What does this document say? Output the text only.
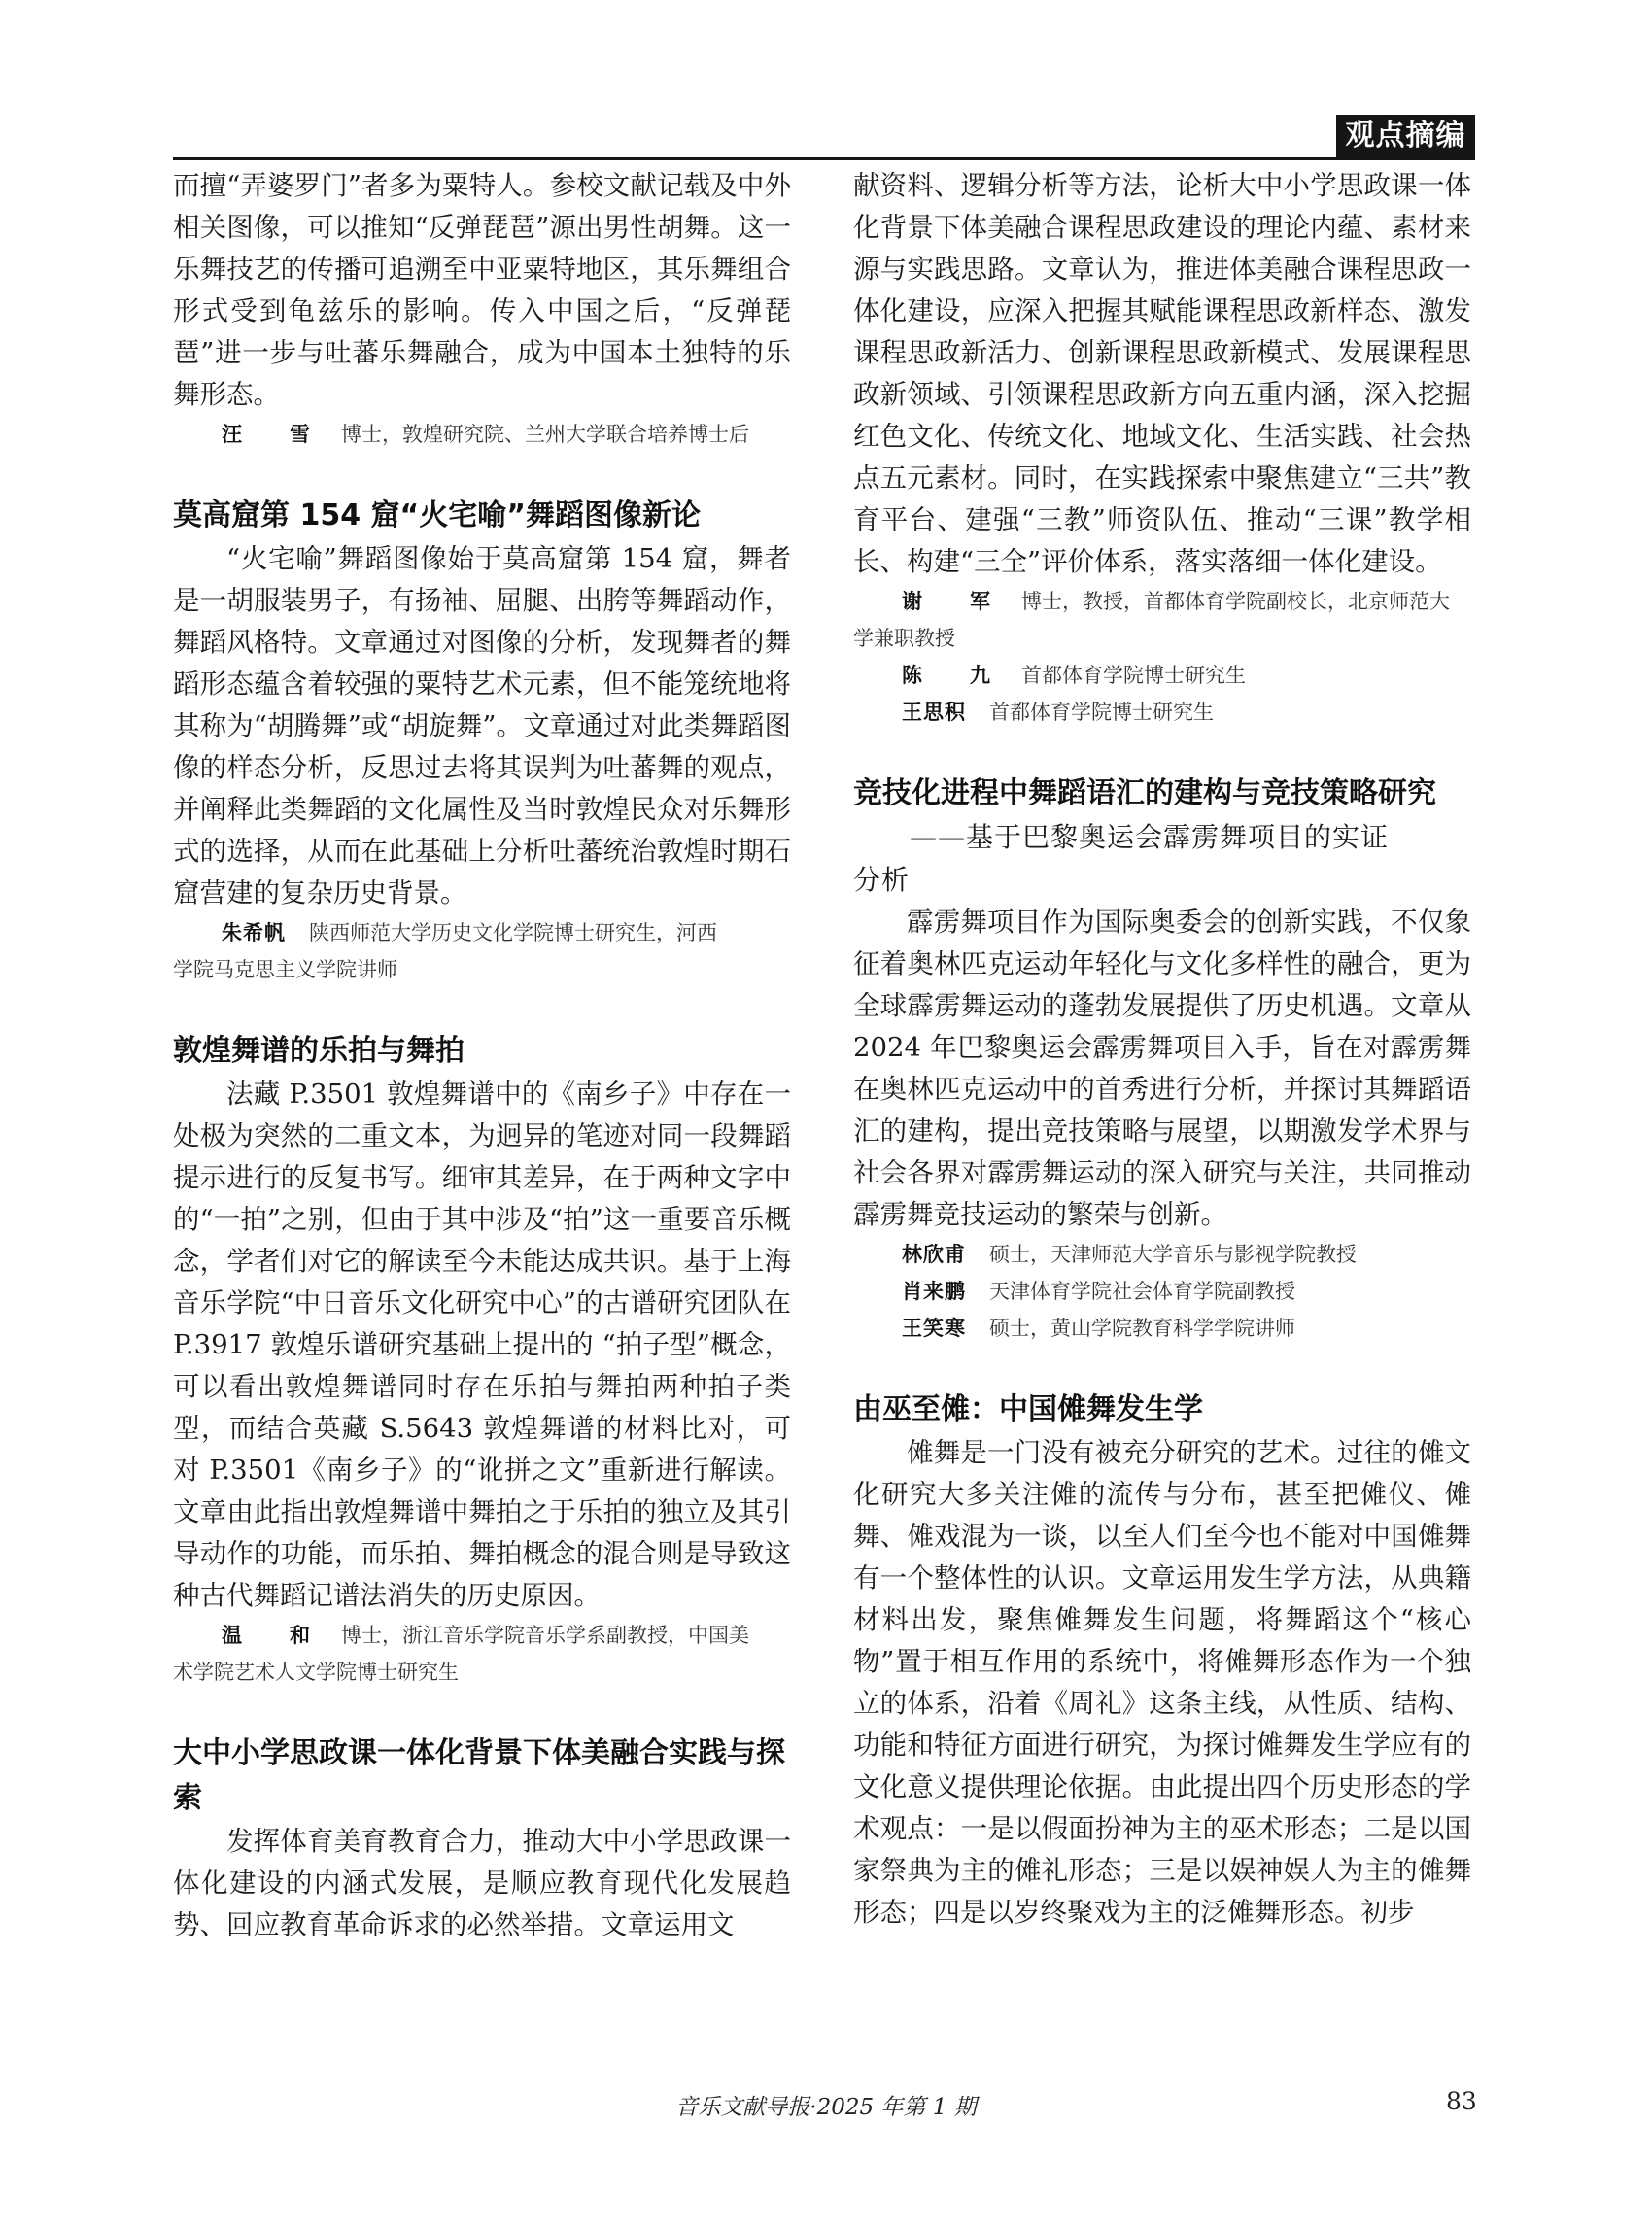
观点摘编

而擅“弄婆罗门”者多为粟特人。参校文献记载及中外相关图像，可以推知“反弹琵琶”源出男性胡舞。这一乐舞技艺的传播可追溯至中亚粟特地区，其乐舞组合形式受到龟兹乐的影响。传入中国之后，“反弹琵琶”进一步与吐蕃乐舞融合，成为中国本土独特的乐舞形态。

汪　雪 博士，敦煌研究院、兰州大学联合培养博士后

莫高窟第 154 窟“火宅喻”舞蹈图像新论

“火宅喻”舞蹈图像始于莫高窟第 154 窟，舞者是一胡服装男子，有扬袖、屈腿、出胯等舞蹈动作，舞蹈风格特。文章通过对图像的分析，发现舞者的舞蹈形态蕴含着较强的粟特艺术元素，但不能笼统地将其称为“胡腾舞”或“胡旋舞”。文章通过对此类舞蹈图像的样态分析，反思过去将其误判为吐蕃舞的观点，并阐释此类舞蹈的文化属性及当时敦煌民众对乐舞形式的选择，从而在此基础上分析吐蕃统治敦煌时期石窟营建的复杂历史背景。

朱希帆 陕西师范大学历史文化学院博士研究生，河西

学院马克思主义学院讲师

敦煌舞谱的乐拍与舞拍

法藏 P.3501 敦煌舞谱中的《南乡子》中存在一处极为突然的二重文本，为迥异的笔迹对同一段舞蹈提示进行的反复书写。细审其差异，在于两种文字中的“一拍”之别，但由于其中涉及“拍”这一重要音乐概念，学者们对它的解读至今未能达成共识。基于上海音乐学院“中日音乐文化研究中心”的古谱研究团队在 P.3917 敦煌乐谱研究基础上提出的 “拍子型”概念，可以看出敦煌舞谱同时存在乐拍与舞拍两种拍子类型，而结合英藏 S.5643 敦煌舞谱的材料比对，可对 P.3501《南乡子》的“讹拼之文”重新进行解读。文章由此指出敦煌舞谱中舞拍之于乐拍的独立及其引导动作的功能，而乐拍、舞拍概念的混合则是导致这种古代舞蹈记谱法消失的历史原因。

温　和 博士，浙江音乐学院音乐学系副教授，中国美

术学院艺术人文学院博士研究生

大中小学思政课一体化背景下体美融合实践与探索

发挥体育美育教育合力，推动大中小学思政课一体化建设的内涵式发展，是顺应教育现代化发展趋势、回应教育革命诉求的必然举措。文章运用文

献资料、逻辑分析等方法，论析大中小学思政课一体化背景下体美融合课程思政建设的理论内蕴、素材来源与实践思路。文章认为，推进体美融合课程思政一体化建设，应深入把握其赋能课程思政新样态、激发课程思政新活力、创新课程思政新模式、发展课程思政新领域、引领课程思政新方向五重内涵，深入挖掘红色文化、传统文化、地域文化、生活实践、社会热点五元素材。同时，在实践探索中聚焦建立“三共”教育平台、建强“三教”师资队伍、推动“三课”教学相长、构建“三全”评价体系，落实落细一体化建设。

谢　军 博士，教授，首都体育学院副校长，北京师范大

学兼职教授

陈　九 首都体育学院博士研究生

王思积 首都体育学院博士研究生

竞技化进程中舞蹈语汇的建构与竞技策略研究

——基于巴黎奥运会霹雳舞项目的实证

分析

霹雳舞项目作为国际奥委会的创新实践，不仅象征着奥林匹克运动年轻化与文化多样性的融合，更为全球霹雳舞运动的蓬勃发展提供了历史机遇。文章从 2024 年巴黎奥运会霹雳舞项目入手，旨在对霹雳舞在奥林匹克运动中的首秀进行分析，并探讨其舞蹈语汇的建构，提出竞技策略与展望，以期激发学术界与社会各界对霹雳舞运动的深入研究与关注，共同推动霹雳舞竞技运动的繁荣与创新。

林欣甫 硕士，天津师范大学音乐与影视学院教授

肖来鹏 天津体育学院社会体育学院副教授

王笑寒 硕士，黄山学院教育科学学院讲师

由巫至傩：中国傩舞发生学

傩舞是一门没有被充分研究的艺术。过往的傩文化研究大多关注傩的流传与分布，甚至把傩仪、傩舞、傩戏混为一谈，以至人们至今也不能对中国傩舞有一个整体性的认识。文章运用发生学方法，从典籍材料出发，聚焦傩舞发生问题，将舞蹈这个“核心物”置于相互作用的系统中，将傩舞形态作为一个独立的体系，沿着《周礼》这条主线，从性质、结构、功能和特征方面进行研究，为探讨傩舞发生学应有的文化意义提供理论依据。由此提出四个历史形态的学术观点：一是以假面扮神为主的巫术形态；二是以国家祭典为主的傩礼形态；三是以娱神娱人为主的傩舞形态；四是以岁终聚戏为主的泛傩舞形态。初步

音乐文献导报·2025 年第 1 期	83
